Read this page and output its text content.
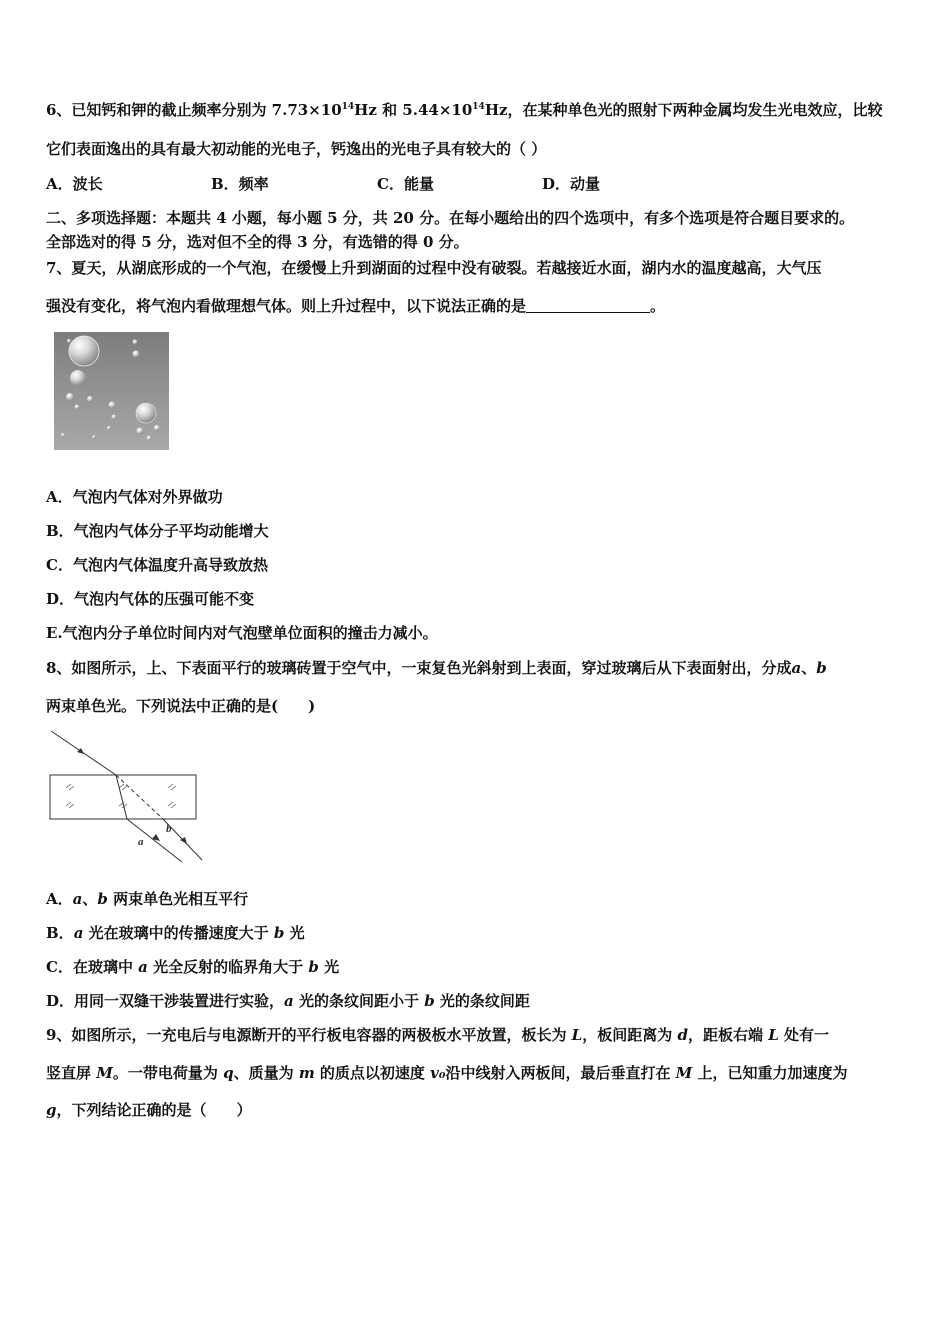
6、已知钙和钾的截止频率分别为 $7.73\times 10^{14}Hz$ 和 $5.44\times 10^{14}Hz$，在某种单色光的照射下两种金属均发生光电效应，比较
它们表面逸出的具有最大初动能的光电子，钙逸出的光电子具有较大的（ ）
A．波长	B．频率	C．能量	D．动量
二、多项选择题：本题共 4 小题，每小题 5 分，共 20 分。在每小题给出的四个选项中，有多个选项是符合题目要求的。
全部选对的得 5 分，选对但不全的得 3 分，有选错的得 0 分。
7、夏天，从湖底形成的一个气泡，在缓慢上升到湖面的过程中没有破裂。若越接近水面，湖内水的温度越高，大气压
强没有变化，将气泡内看做理想气体。则上升过程中，以下说法正确的是	。
A．气泡内气体对外界做功
B．气泡内气体分子平均动能增大
C．气泡内气体温度升高导致放热
D．气泡内气体的压强可能不变
E.气泡内分子单位时间内对气泡壁单位面积的撞击力减小。
8、如图所示，上、下表面平行的玻璃砖置于空气中，一束复色光斜射到上表面，穿过玻璃后从下表面射出，分成a、b
两束单色光。下列说法中正确的是(　　)
a
b
A．a、b 两束单色光相互平行
B．a 光在玻璃中的传播速度大于 b 光
C．在玻璃中 a 光全反射的临界角大于 b 光
D．用同一双缝干涉装置进行实验，a 光的条纹间距小于 b 光的条纹间距
9、如图所示，一充电后与电源断开的平行板电容器的两极板水平放置，板长为 L，板间距离为 d，距板右端 L 处有一
竖直屏 M。一带电荷量为 q、质量为 m 的质点以初速度 v₀沿中线射入两板间，最后垂直打在 M 上，已知重力加速度为
g，下列结论正确的是（　　）
